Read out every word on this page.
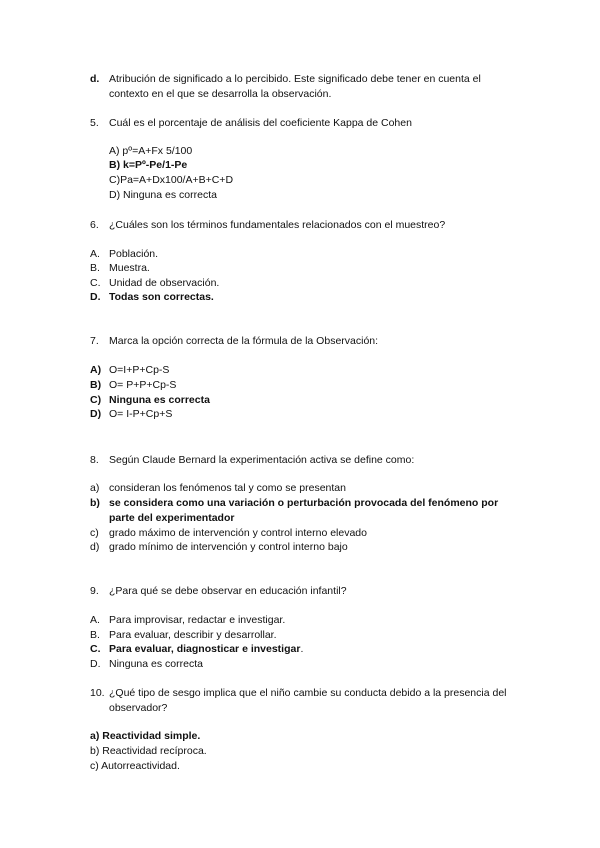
d. Atribución de significado a lo percibido. Este significado debe tener en cuenta el
contexto en el que se desarrolla la observación.
5. Cuál es el porcentaje de análisis del coeficiente Kappa de Cohen
A) pº=A+Fx 5/100
B) k=Pº-Pe/1-Pe
C)Pa=A+Dx100/A+B+C+D
D) Ninguna es correcta
6. ¿Cuáles son los términos fundamentales relacionados con el muestreo?
A. Población.
B. Muestra.
C. Unidad de observación.
D. Todas son correctas.
7. Marca la opción correcta de la fórmula de la Observación:
A) O=I+P+Cp-S
B) O= P+P+Cp-S
C) Ninguna es correcta
D) O= I-P+Cp+S
8. Según Claude Bernard la experimentación activa se define como:
a) consideran los fenómenos tal y como se presentan
b) se considera como una variación o perturbación provocada del fenómeno por
parte del experimentador
c) grado máximo de intervención y control interno elevado
d) grado mínimo de intervención y control interno bajo
9. ¿Para qué se debe observar en educación infantil?
A. Para improvisar, redactar e investigar.
B. Para evaluar, describir y desarrollar.
C. Para evaluar, diagnosticar e investigar.
D. Ninguna es correcta
10. ¿Qué tipo de sesgo implica que el niño cambie su conducta debido a la presencia del
observador?
a) Reactividad simple.
b) Reactividad recíproca.
c) Autorreactividad.
